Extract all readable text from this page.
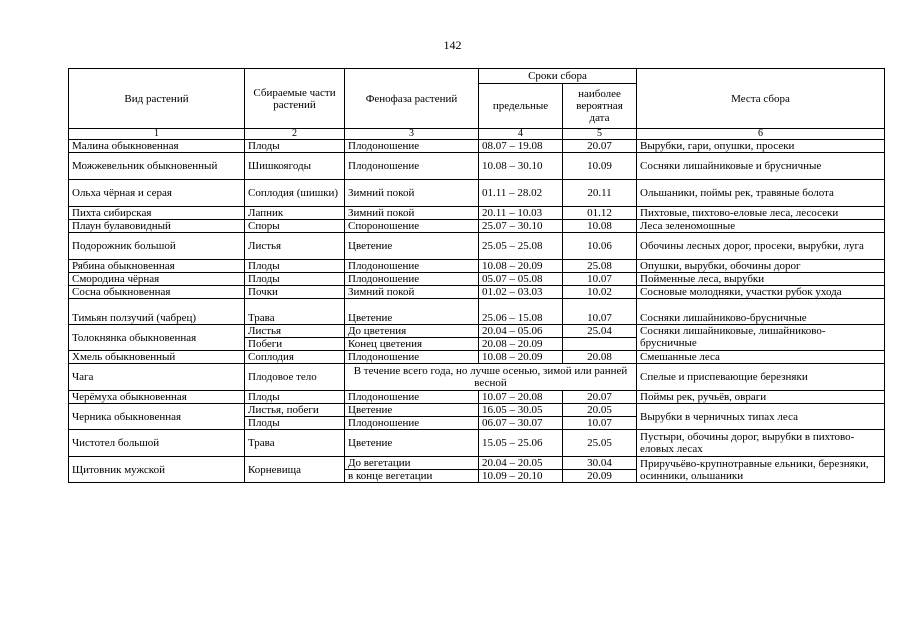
142
Вид растений	Сбираемые части растений	Фенофаза растений	Сроки сбора		Места сбора
			предельные	наиболее вероятная дата	
1	2	3	4	5	6
Малина обыкновенная	Плоды	Плодоношение	08.07 – 19.08	20.07	Вырубки, гари, опушки, просеки
Можжевельник обыкновенный	Шишкоягоды	Плодоношение	10.08 – 30.10	10.09	Сосняки лишайниковые и брусничные
Ольха чёрная и серая	Соплодия (шишки)	Зимний покой	01.11 – 28.02	20.11	Ольшаники, поймы рек, травяные болота
Пихта сибирская	Лапник	Зимний покой	20.11 – 10.03	01.12	Пихтовые, пихтово-еловые леса, лесосеки
Плаун булавовидный	Споры	Спороношение	25.07 – 30.10	10.08	Леса зеленомошные
Подорожник большой	Листья	Цветение	25.05 – 25.08	10.06	Обочины лесных дорог, просеки, вырубки, луга
Рябина обыкновенная	Плоды	Плодоношение	10.08 – 20.09	25.08	Опушки, вырубки, обочины дорог
Смородина чёрная	Плоды	Плодоношение	05.07 – 05.08	10.07	Пойменные леса, вырубки
Сосна обыкновенная	Почки	Зимний покой	01.02 – 03.03	10.02	Сосновые молодняки, участки рубок ухода
Тимьян ползучий (чабрец)	Трава	Цветение	25.06 – 15.08	10.07	Сосняки лишайниково-брусничные
Толокнянка обыкновенная	Листья	До цветения	20.04 – 05.06	25.04	Сосняки лишайниковые, лишайниково-брусничные
	Побеги	Конец цветения	20.08 – 20.09		
Хмель обыкновенный	Соплодия	Плодоношение	10.08 – 20.09	20.08	Смешанные леса
Чага	Плодовое тело	В течение всего года, но лучше осенью, зимой или ранней весной			Спелые и приспевающие березняки
Черёмуха обыкновенная	Плоды	Плодоношение	10.07 – 20.08	20.07	Поймы рек, ручьёв, овраги
Черника обыкновенная	Листья, побеги	Цветение	16.05 – 30.05	20.05	Вырубки в черничных типах леса
	Плоды	Плодоношение	06.07 – 30.07	10.07	
Чистотел большой	Трава	Цветение	15.05 – 25.06	25.05	Пустыри, обочины дорог, вырубки в пихтово-еловых лесах
Щитовник мужской	Корневища	До вегетации	20.04 – 20.05	30.04	Приручьёво-крупнотравные ельники, березняки, осинники, ольшаники
		в конце вегетации	10.09 – 20.10	20.09	
